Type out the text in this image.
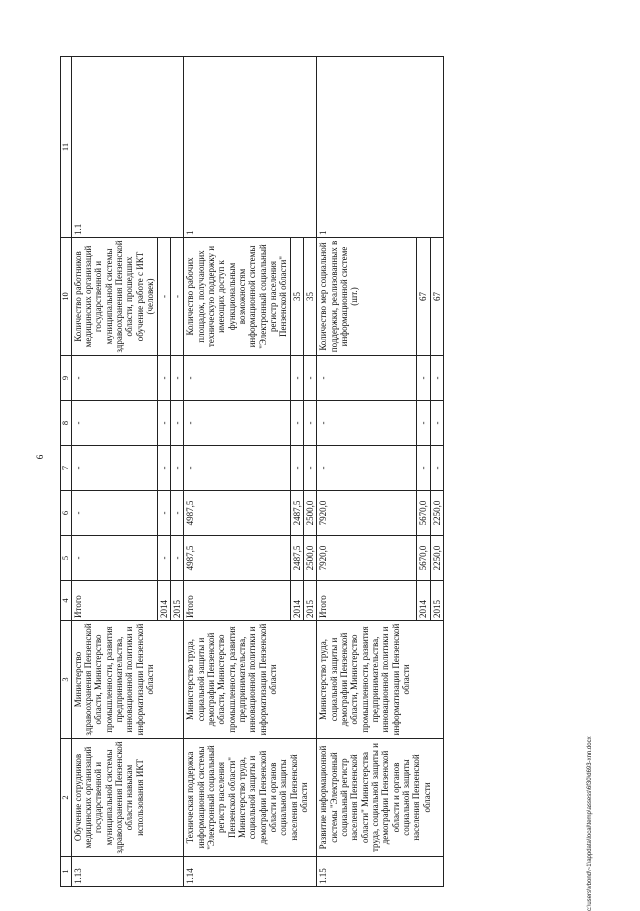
6
c:\users\vbond\~1\appdata\local\temp\assess\6f30\d693-xnn.docx
1	2	3	4	5	6	7	8	9	10	11
1.13	Обучение сотрудников медицинских организаций государственной и муниципальной системы здравоохранения Пензенской области навыкам использования ИКТ	Министерство здравоохранения Пензенской области, Министерство промышленности, развития предпринимательства, инновационной политики и информатизации Пензенской области	Итого	-	-	-	-	-	Количество работников медицинских организаций государственной и муниципальной системы здравоохранения Пензенской области, прошедших обучение работе с ИКТ (человек)	1.1
			2014	-	-	-	-	-	-	
			2015	-	-	-	-	-	-	
1.14	Техническая поддержка информационной системы "Электронный социальный регистр населения Пензенской области" Министерство труда, социальной защиты и демографии Пензенской области и органов социальной защиты населения Пензенской области	Министерство труда, социальной защиты и демографии Пензенской области, Министерство промышленности, развития предпринимательства, инновационной политики и информатизации Пензенской области	Итого	4987,5	4987,5	-	-	-	Количество рабочих площадок, получающих техническую поддержку и имеющих доступ к функциональным возможностям информационной системы "Электронный социальный регистр населения Пензенской области"	1
			2014	2487,5	2487,5	-	-	-	35	
			2015	2500,0	2500,0	-	-	-	35	
1.15	Развитие информационной системы "Электронный социальный регистр населения Пензенской области" Министерства труда, социальной защиты и демографии Пензенской области и органов социальной защиты населения Пензенской области	Министерство труда, социальной защиты и демографии Пензенской области, Министерство промышленности, развития предпринимательства, инновационной политики и информатизации Пензенской области	Итого	7920,0	7920,0	-	-	-	Количество мер социальной поддержки, реализованных в информационной системе (шт.)	1
			2014	5670,0	5670,0	-	-	-	67	
			2015	2250,0	2250,0	-	-	-	67	
